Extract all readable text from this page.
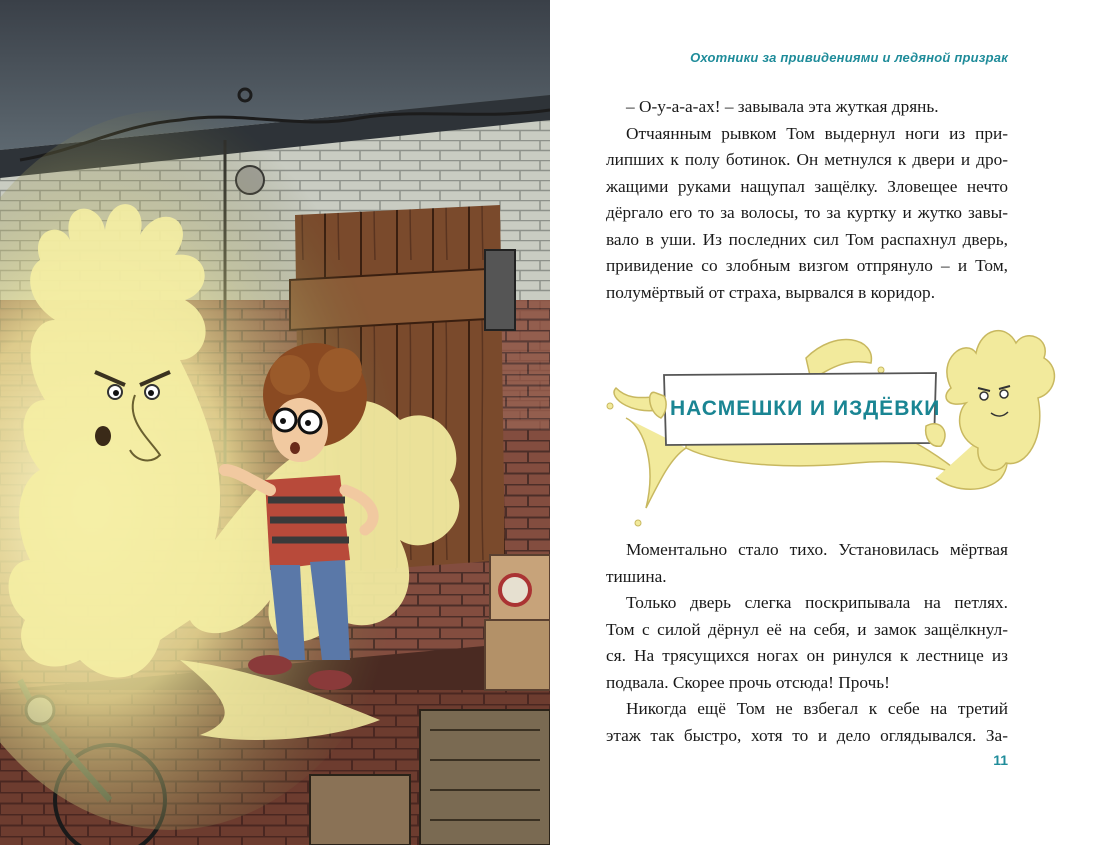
Охотники за привидениями и ледяной призрак
– О-у-а-а-ах! – завывала эта жуткая дрянь.
Отчаянным рывком Том выдернул ноги из при-
липших к полу ботинок. Он метнулся к двери и дро-
жащими руками нащупал защёлку. Зловещее нечто
дёргало его то за волосы, то за куртку и жутко завы-
вало в уши. Из последних сил Том распахнул дверь,
привидение со злобным визгом отпрянуло – и Том,
полумёртвый от страха, вырвался в коридор.
НАСМЕШКИ И ИЗДЁВКИ
Моментально стало тихо. Установилась мёртвая
тишина.
Только дверь слегка поскрипывала на петлях.
Том с силой дёрнул её на себя, и замок защёлкнул-
ся. На трясущихся ногах он ринулся к лестнице из
подвала. Скорее прочь отсюда! Прочь!
Никогда ещё Том не взбегал к себе на третий
этаж так быстро, хотя то и дело оглядывался. За-
11
